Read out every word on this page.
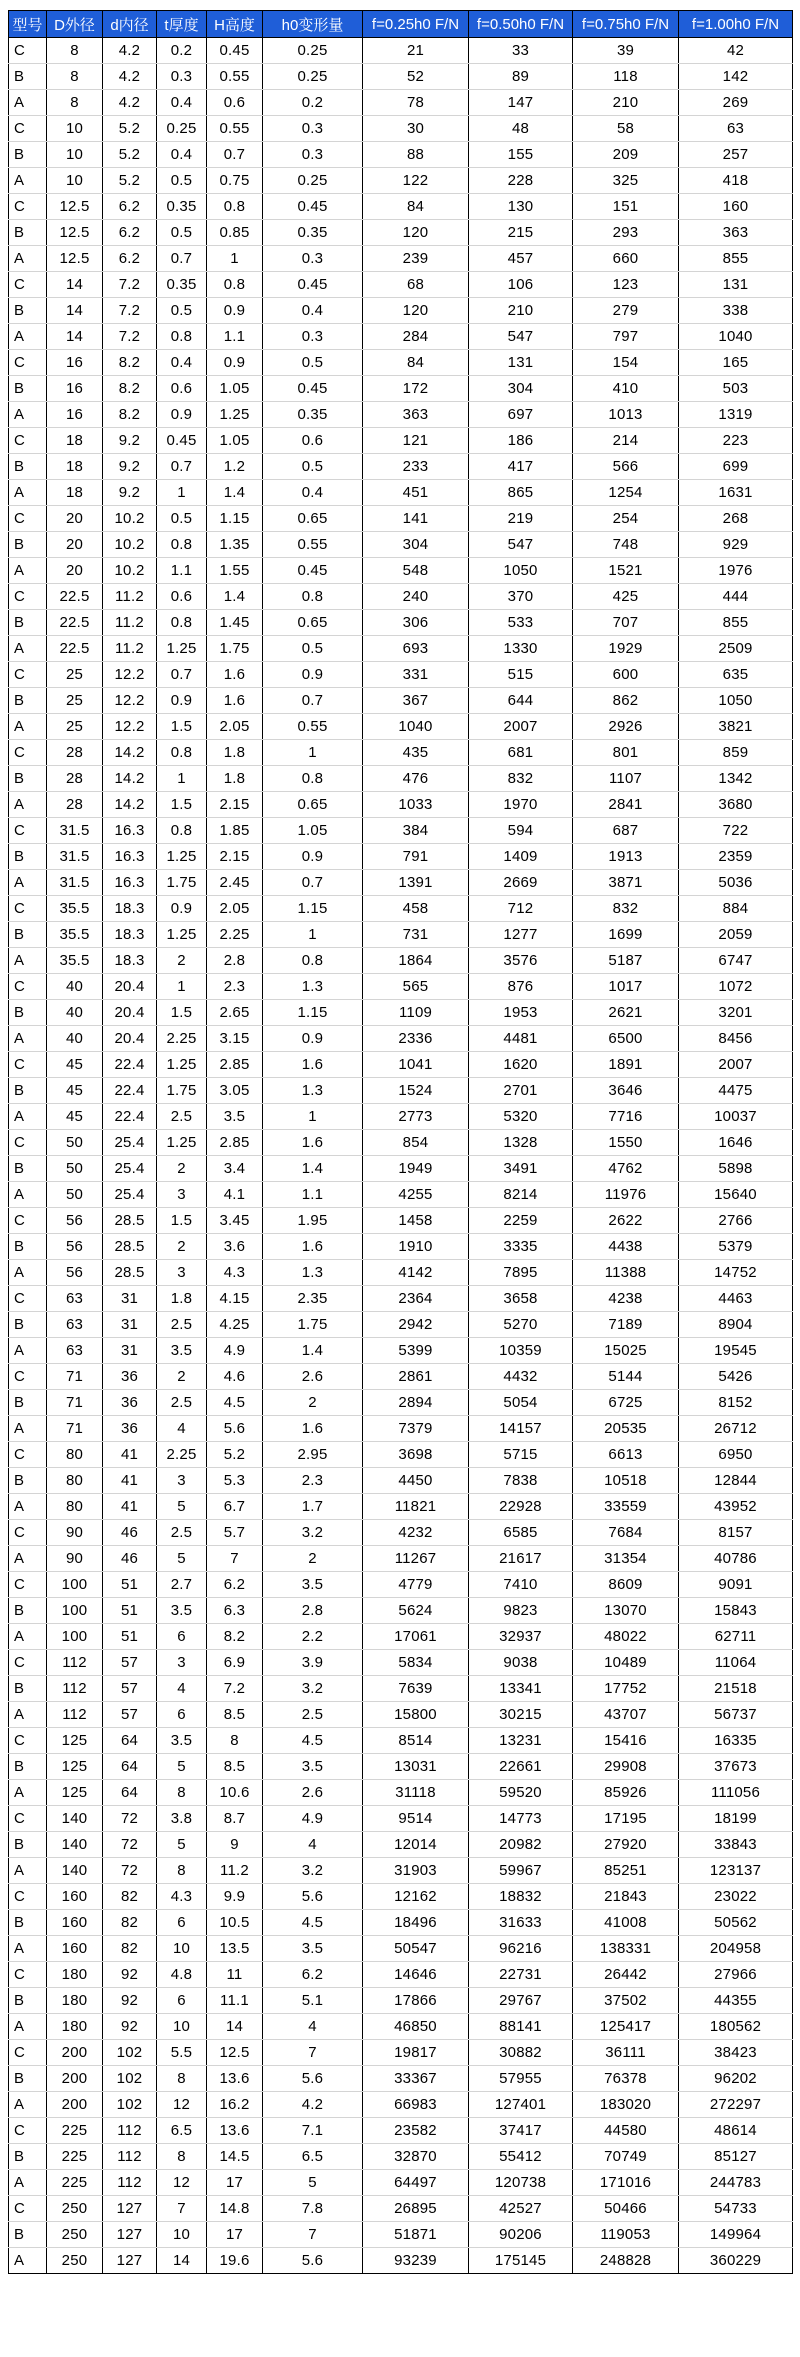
型号	D外径	d内径	t厚度	H高度	h0变形量	f=0.25h0 F/N	f=0.50h0 F/N	f=0.75h0 F/N	f=1.00h0 F/N
C	8	4.2	0.2	0.45	0.25	21	33	39	42
B	8	4.2	0.3	0.55	0.25	52	89	118	142
A	8	4.2	0.4	0.6	0.2	78	147	210	269
C	10	5.2	0.25	0.55	0.3	30	48	58	63
B	10	5.2	0.4	0.7	0.3	88	155	209	257
A	10	5.2	0.5	0.75	0.25	122	228	325	418
C	12.5	6.2	0.35	0.8	0.45	84	130	151	160
B	12.5	6.2	0.5	0.85	0.35	120	215	293	363
A	12.5	6.2	0.7	1	0.3	239	457	660	855
C	14	7.2	0.35	0.8	0.45	68	106	123	131
B	14	7.2	0.5	0.9	0.4	120	210	279	338
A	14	7.2	0.8	1.1	0.3	284	547	797	1040
C	16	8.2	0.4	0.9	0.5	84	131	154	165
B	16	8.2	0.6	1.05	0.45	172	304	410	503
A	16	8.2	0.9	1.25	0.35	363	697	1013	1319
C	18	9.2	0.45	1.05	0.6	121	186	214	223
B	18	9.2	0.7	1.2	0.5	233	417	566	699
A	18	9.2	1	1.4	0.4	451	865	1254	1631
C	20	10.2	0.5	1.15	0.65	141	219	254	268
B	20	10.2	0.8	1.35	0.55	304	547	748	929
A	20	10.2	1.1	1.55	0.45	548	1050	1521	1976
C	22.5	11.2	0.6	1.4	0.8	240	370	425	444
B	22.5	11.2	0.8	1.45	0.65	306	533	707	855
A	22.5	11.2	1.25	1.75	0.5	693	1330	1929	2509
C	25	12.2	0.7	1.6	0.9	331	515	600	635
B	25	12.2	0.9	1.6	0.7	367	644	862	1050
A	25	12.2	1.5	2.05	0.55	1040	2007	2926	3821
C	28	14.2	0.8	1.8	1	435	681	801	859
B	28	14.2	1	1.8	0.8	476	832	1107	1342
A	28	14.2	1.5	2.15	0.65	1033	1970	2841	3680
C	31.5	16.3	0.8	1.85	1.05	384	594	687	722
B	31.5	16.3	1.25	2.15	0.9	791	1409	1913	2359
A	31.5	16.3	1.75	2.45	0.7	1391	2669	3871	5036
C	35.5	18.3	0.9	2.05	1.15	458	712	832	884
B	35.5	18.3	1.25	2.25	1	731	1277	1699	2059
A	35.5	18.3	2	2.8	0.8	1864	3576	5187	6747
C	40	20.4	1	2.3	1.3	565	876	1017	1072
B	40	20.4	1.5	2.65	1.15	1109	1953	2621	3201
A	40	20.4	2.25	3.15	0.9	2336	4481	6500	8456
C	45	22.4	1.25	2.85	1.6	1041	1620	1891	2007
B	45	22.4	1.75	3.05	1.3	1524	2701	3646	4475
A	45	22.4	2.5	3.5	1	2773	5320	7716	10037
C	50	25.4	1.25	2.85	1.6	854	1328	1550	1646
B	50	25.4	2	3.4	1.4	1949	3491	4762	5898
A	50	25.4	3	4.1	1.1	4255	8214	11976	15640
C	56	28.5	1.5	3.45	1.95	1458	2259	2622	2766
B	56	28.5	2	3.6	1.6	1910	3335	4438	5379
A	56	28.5	3	4.3	1.3	4142	7895	11388	14752
C	63	31	1.8	4.15	2.35	2364	3658	4238	4463
B	63	31	2.5	4.25	1.75	2942	5270	7189	8904
A	63	31	3.5	4.9	1.4	5399	10359	15025	19545
C	71	36	2	4.6	2.6	2861	4432	5144	5426
B	71	36	2.5	4.5	2	2894	5054	6725	8152
A	71	36	4	5.6	1.6	7379	14157	20535	26712
C	80	41	2.25	5.2	2.95	3698	5715	6613	6950
B	80	41	3	5.3	2.3	4450	7838	10518	12844
A	80	41	5	6.7	1.7	11821	22928	33559	43952
C	90	46	2.5	5.7	3.2	4232	6585	7684	8157
A	90	46	5	7	2	11267	21617	31354	40786
C	100	51	2.7	6.2	3.5	4779	7410	8609	9091
B	100	51	3.5	6.3	2.8	5624	9823	13070	15843
A	100	51	6	8.2	2.2	17061	32937	48022	62711
C	112	57	3	6.9	3.9	5834	9038	10489	11064
B	112	57	4	7.2	3.2	7639	13341	17752	21518
A	112	57	6	8.5	2.5	15800	30215	43707	56737
C	125	64	3.5	8	4.5	8514	13231	15416	16335
B	125	64	5	8.5	3.5	13031	22661	29908	37673
A	125	64	8	10.6	2.6	31118	59520	85926	111056
C	140	72	3.8	8.7	4.9	9514	14773	17195	18199
B	140	72	5	9	4	12014	20982	27920	33843
A	140	72	8	11.2	3.2	31903	59967	85251	123137
C	160	82	4.3	9.9	5.6	12162	18832	21843	23022
B	160	82	6	10.5	4.5	18496	31633	41008	50562
A	160	82	10	13.5	3.5	50547	96216	138331	204958
C	180	92	4.8	11	6.2	14646	22731	26442	27966
B	180	92	6	11.1	5.1	17866	29767	37502	44355
A	180	92	10	14	4	46850	88141	125417	180562
C	200	102	5.5	12.5	7	19817	30882	36111	38423
B	200	102	8	13.6	5.6	33367	57955	76378	96202
A	200	102	12	16.2	4.2	66983	127401	183020	272297
C	225	112	6.5	13.6	7.1	23582	37417	44580	48614
B	225	112	8	14.5	6.5	32870	55412	70749	85127
A	225	112	12	17	5	64497	120738	171016	244783
C	250	127	7	14.8	7.8	26895	42527	50466	54733
B	250	127	10	17	7	51871	90206	119053	149964
A	250	127	14	19.6	5.6	93239	175145	248828	360229
